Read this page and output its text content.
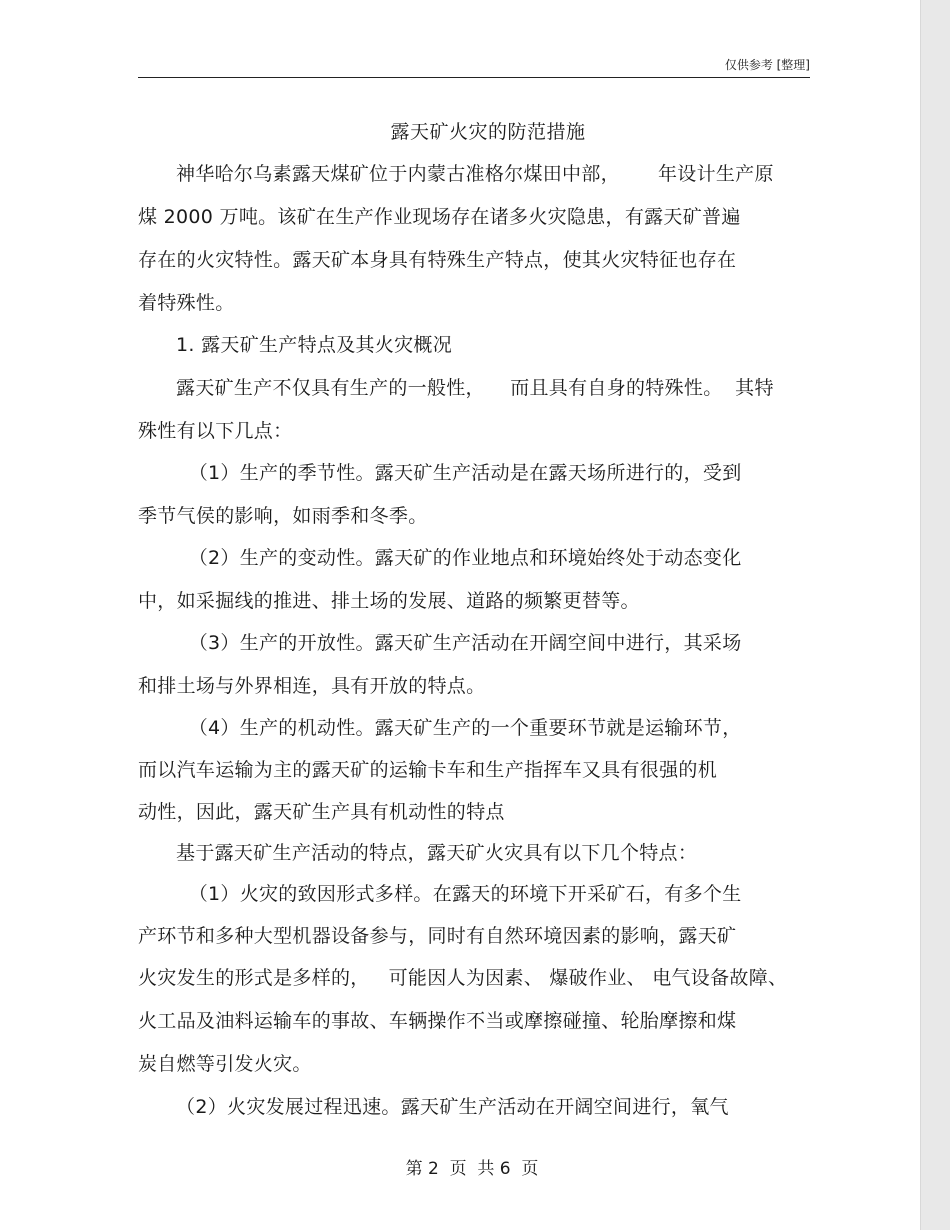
仅供参考 [整理]
露天矿火灾的防范措施
神华哈尔乌素露天煤矿位于内蒙古准格尔煤田中部，      年设计生产原
煤 2000 万吨。该矿在生产作业现场存在诸多火灾隐患，有露天矿普遍
存在的火灾特性。露天矿本身具有特殊生产特点，使其火灾特征也存在
着特殊性。
1. 露天矿生产特点及其火灾概况
露天矿生产不仅具有生产的一般性，    而且具有自身的特殊性。  其特
殊性有以下几点：
（1）生产的季节性。露天矿生产活动是在露天场所进行的，受到
季节气侯的影响，如雨季和冬季。
（2）生产的变动性。露天矿的作业地点和环境始终处于动态变化
中，如采掘线的推进、排土场的发展、道路的频繁更替等。
（3）生产的开放性。露天矿生产活动在开阔空间中进行，其采场
和排土场与外界相连，具有开放的特点。
（4）生产的机动性。露天矿生产的一个重要环节就是运输环节，
而以汽车运输为主的露天矿的运输卡车和生产指挥车又具有很强的机
动性，因此，露天矿生产具有机动性的特点
基于露天矿生产活动的特点，露天矿火灾具有以下几个特点：
（1）火灾的致因形式多样。在露天的环境下开采矿石，有多个生
产环节和多种大型机器设备参与，同时有自然环境因素的影响，露天矿
火灾发生的形式是多样的，   可能因人为因素、 爆破作业、 电气设备故障、
火工品及油料运输车的事故、车辆操作不当或摩擦碰撞、轮胎摩擦和煤
炭自燃等引发火灾。
（2）火灾发展过程迅速。露天矿生产活动在开阔空间进行，氧气
第 2  页  共 6  页
